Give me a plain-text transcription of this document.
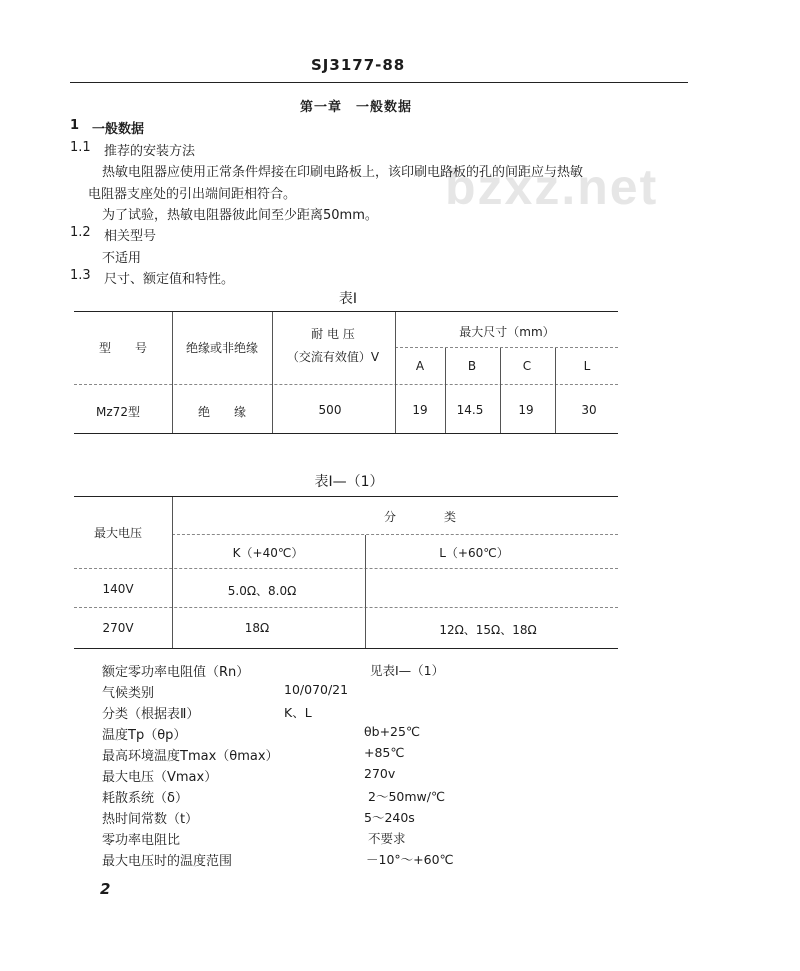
SJ3177-88
第一章　一般数据
bzxz.net
1 一般数据
1.1 推荐的安装方法
热敏电阻器应使用正常条件焊接在印刷电路板上，该印刷电路板的孔的间距应与热敏
电阻器支座处的引出端间距相符合。
为了试验，热敏电阻器彼此间至少距离50mm。
1.2 相关型号
不适用
1.3 尺寸、额定值和特性。
表Ⅰ
型　　号	绝缘或非绝缘
耐 电 压
（交流有效值）V
最大尺寸（mm）
A	B	C	L
Mz72型	绝　　缘	500	19 14.5	19	30
表Ⅰ—（1）
最大电压
分　　　　类
K（+40℃）	L（+60℃）
140V	5.0Ω、8.0Ω
270V	18Ω	12Ω、15Ω、18Ω
额定零功率电阻值（Rn）	见表Ⅰ—（1）
气候类别	10/070/21
分类（根据表Ⅱ）	K、L
温度Tp（θp）	θb+25℃
最高环境温度Tmax（θmax）	+85℃
最大电压（Vmax）	270v
耗散系统（δ）	2～50mw/℃
热时间常数（t）	5～240s
零功率电阻比	不要求
最大电压时的温度范围	－10°～+60℃
2
